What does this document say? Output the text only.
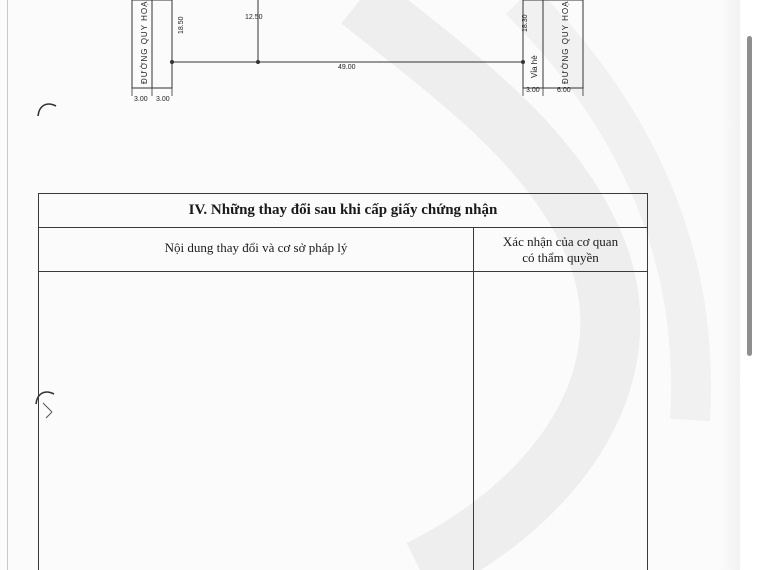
ĐƯỜNG QUY HOẠ	18.50
3.00 3.00
12.50
49.00
18.30
Vỉa hè	ĐƯỜNG QUY HOẠ
3.00 6.00
IV. Những thay đổi sau khi cấp giấy chứng nhận
Nội dung thay đổi và cơ sở pháp lý	Xác nhận của cơ quan
có thẩm quyền
